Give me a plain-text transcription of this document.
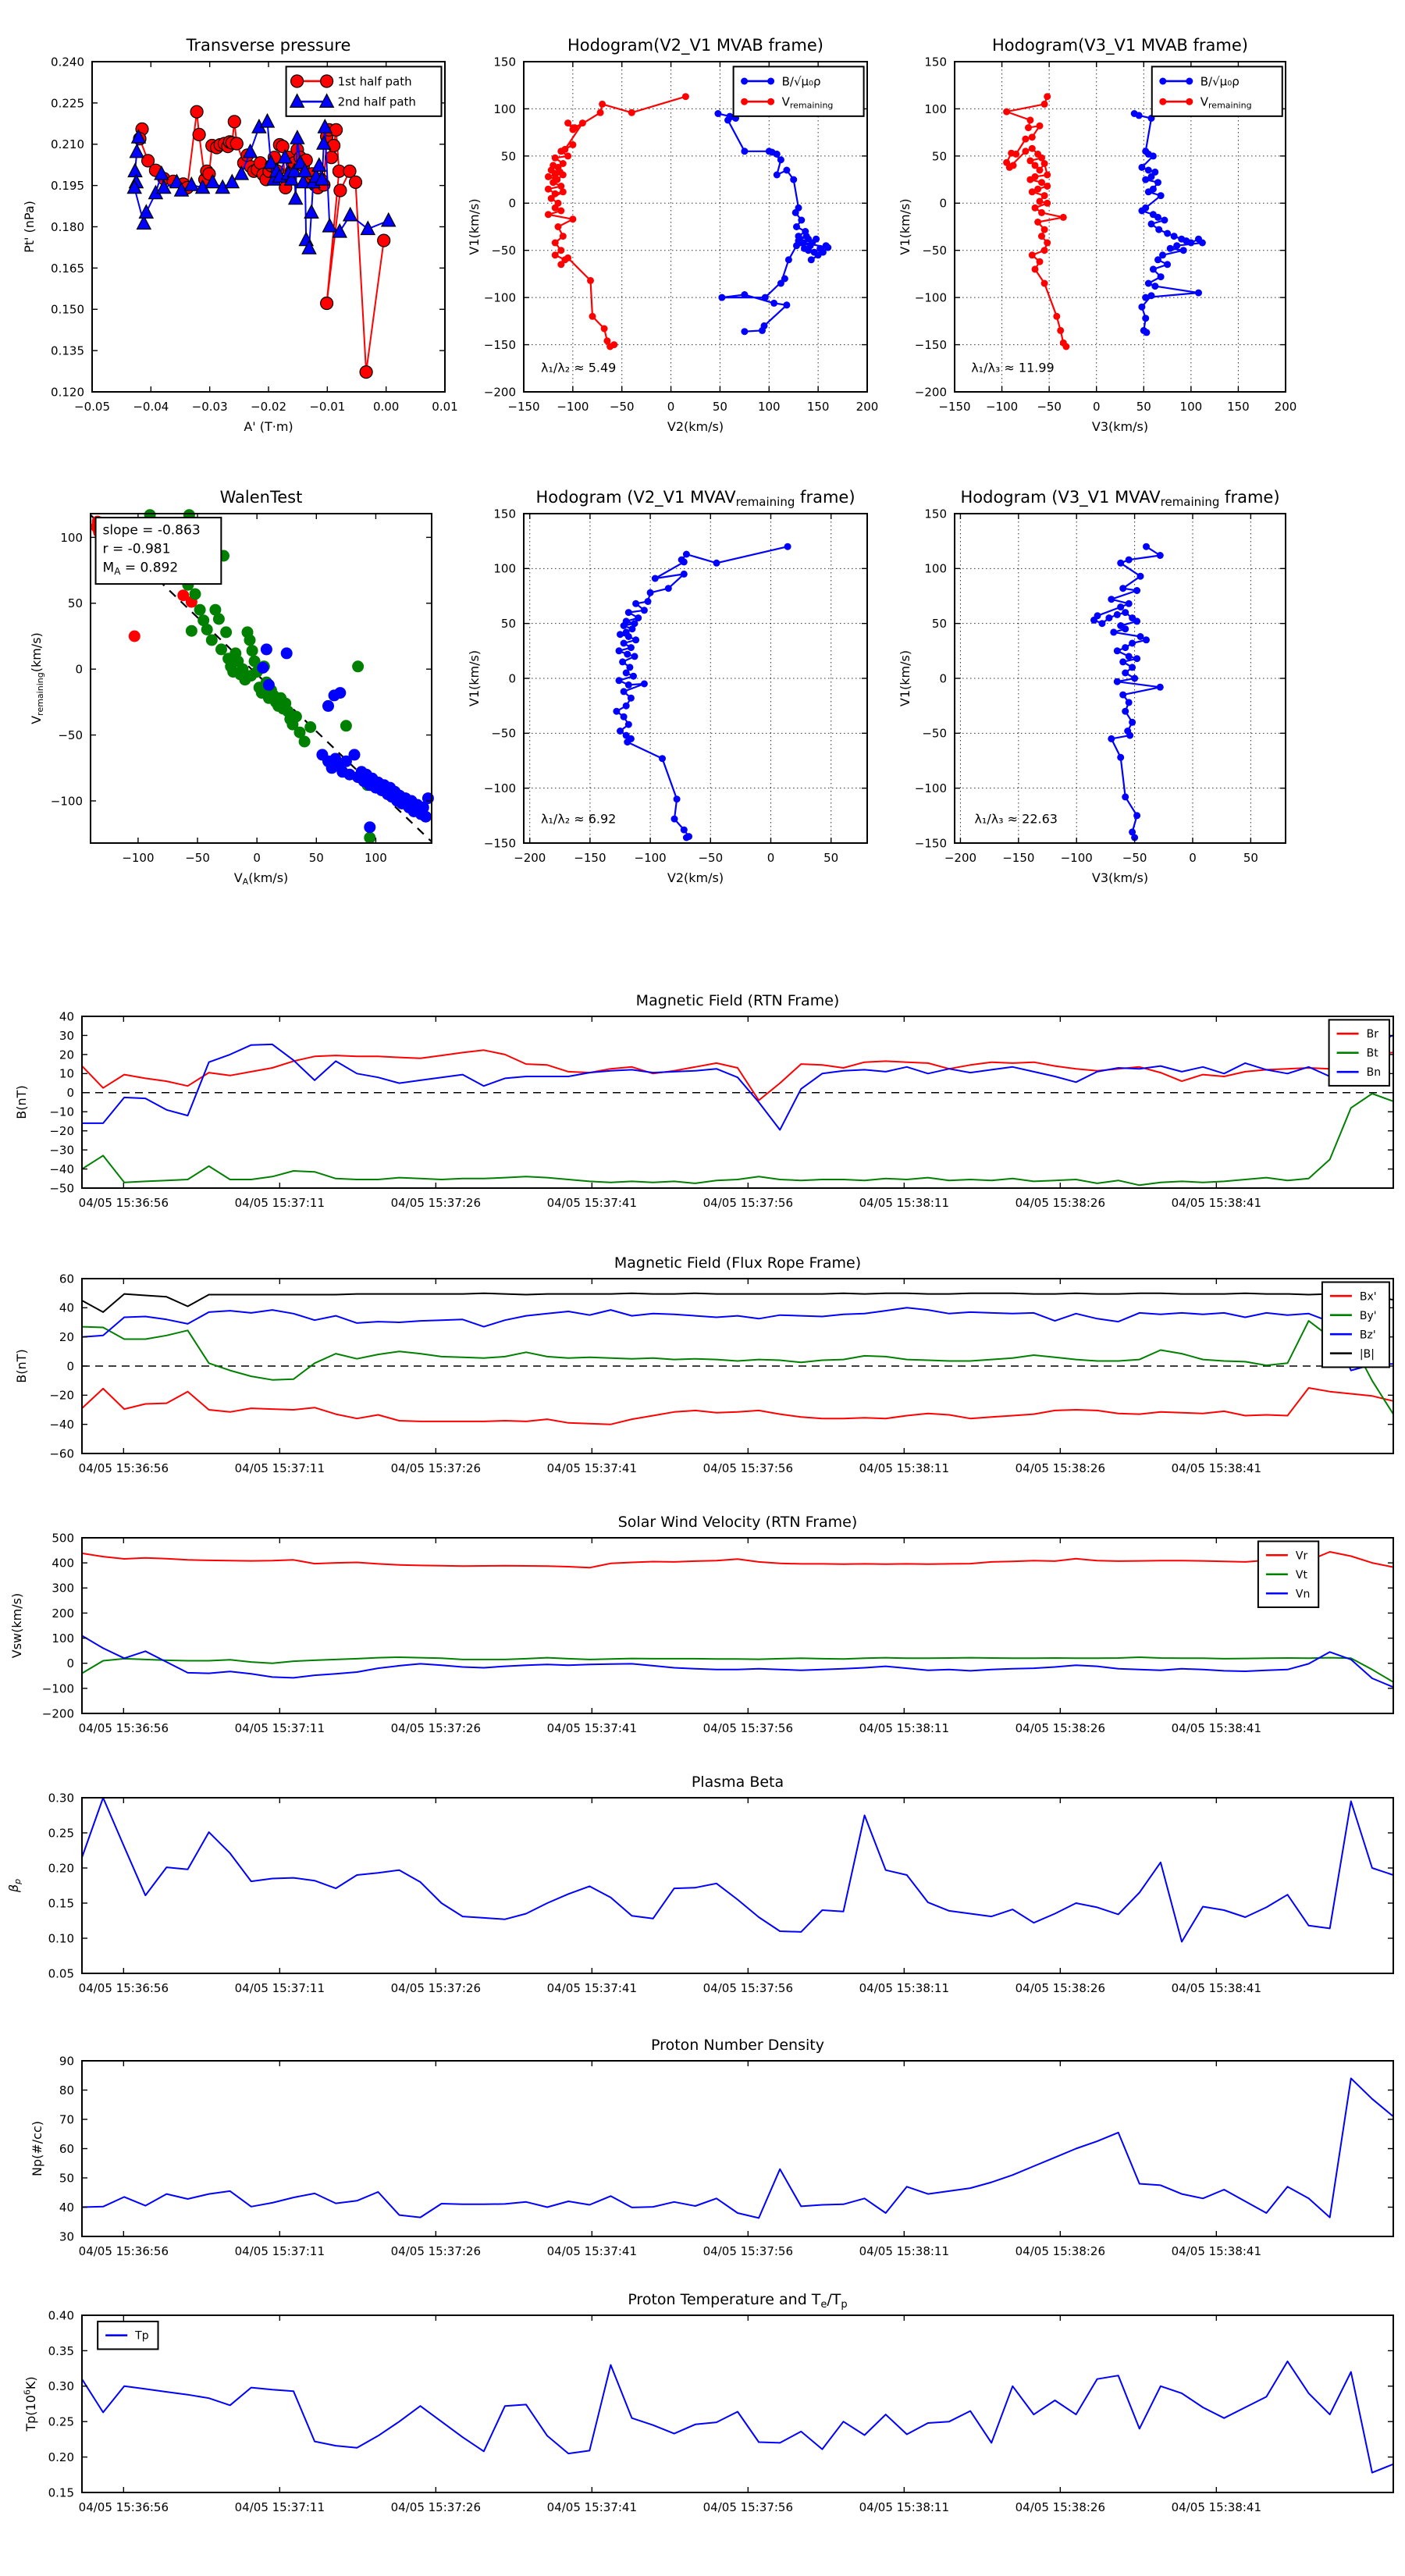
−0.05 −0.04 −0.03 −0.02 −0.01 0.00	0.01
0.120
0.135
0.150
0.165
0.180
0.195
0.210
0.225
0.240
Transverse pressure
A' (T·m)
Pt' (nPa)
1st half path
2nd half path
−150 −100 −50	0	50	100 150 200
−200
−150
−100
−50
0
50
100
150
Hodogram(V2_V1 MVAB frame)
V2(km/s)
V1(km/s)
λ₁/λ₂ ≈ 5.49
B/√μ₀ρ
$V_{remaining}$
−150 −100 −50	0	50 100 150 200
−200
−150
−100
−50
0
50
100
150
Hodogram(V3_V1 MVAB frame)
V3(km/s)
V1(km/s)
λ₁/λ₃ ≈ 11.99
B/√μ₀ρ
$V_{remaining}$
−100	−50	0	50	100
−100
−50
0
50
100
WalenTest
$V_A(km/s)$
$V_{remaining}(km/s)$
slope = -0.863
r = -0.981
$M_A = 0.892$
−200 −150 −100	−50	0	50
−150
−100
−50
0
50
100
150
Hodogram (V2_V1 $MVAV_{remaining}$ frame)
V2(km/s)
V1(km/s)
λ₁/λ₂ ≈ 6.92
−200 −150 −100	−50	0	50
−150
−100
−50
0
50
100
150
Hodogram (V3_V1 $MVAV_{remaining}$ frame)
V3(km/s)
V1(km/s)
λ₁/λ₃ ≈ 22.63
04/05 15:36:56	04/05 15:37:11	04/05 15:37:26	04/05 15:37:41	04/05 15:37:56	04/05 15:38:11	04/05 15:38:26	04/05 15:38:41
−50
−40
−30
−20
−10
0
10
20
30
40
Magnetic Field (RTN Frame)
B(nT)
Br
Bt
Bn
04/05 15:36:56	04/05 15:37:11	04/05 15:37:26	04/05 15:37:41	04/05 15:37:56	04/05 15:38:11	04/05 15:38:26	04/05 15:38:41
−60
−40
−20
0
20
40
60
Magnetic Field (Flux Rope Frame)
B(nT)
Bx'
By'
Bz'
|B|
04/05 15:36:56	04/05 15:37:11	04/05 15:37:26	04/05 15:37:41	04/05 15:37:56	04/05 15:38:11	04/05 15:38:26	04/05 15:38:41
−200
−100
0
100
200
300
400
500
Solar Wind Velocity (RTN Frame)
Vsw(km/s)
Vr
Vt
Vn
04/05 15:36:56	04/05 15:37:11	04/05 15:37:26	04/05 15:37:41	04/05 15:37:56	04/05 15:38:11	04/05 15:38:26	04/05 15:38:41
0.05
0.10
0.15
0.20
0.25
0.30
Plasma Beta
$\beta_p$
04/05 15:36:56	04/05 15:37:11	04/05 15:37:26	04/05 15:37:41	04/05 15:37:56	04/05 15:38:11	04/05 15:38:26	04/05 15:38:41
30
40
50
60
70
80
90
Proton Number Density
Np(#/cc)
04/05 15:36:56	04/05 15:37:11	04/05 15:37:26	04/05 15:37:41	04/05 15:37:56	04/05 15:38:11	04/05 15:38:26	04/05 15:38:41
0.15
0.20
0.25
0.30
0.35
0.40
Proton Temperature and $T_e/T_p$
$Tp(10^6K)$
Tp
